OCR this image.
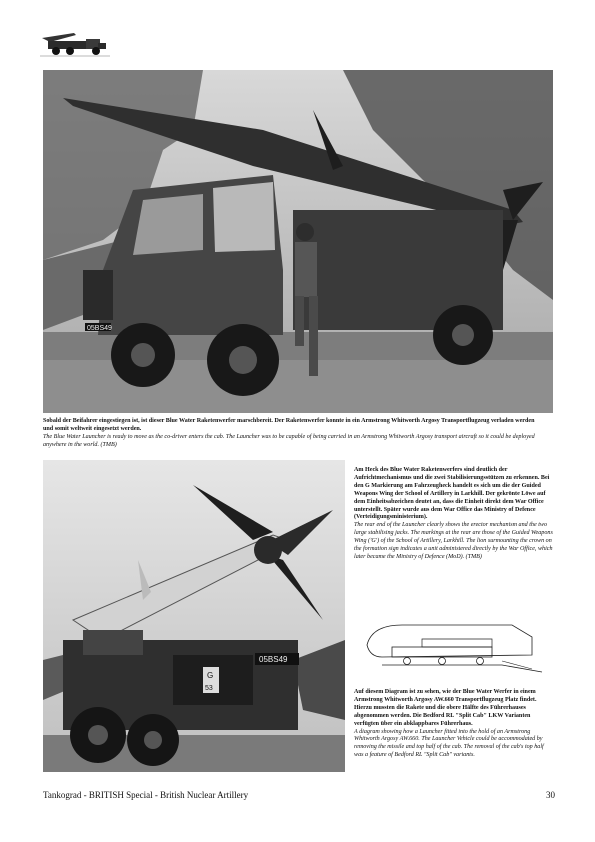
05BS49

Sobald der Beifahrer eingestiegen ist, ist dieser Blue Water Raketenwerfer marschbereit. Der Raketenwerfer konnte in ein Armstrong Whitworth Argosy Transportflugzeug verladen werden und somit weltweit eingesetzt werden.
The Blue Water Launcher is ready to move as the co-driver enters the cab. The Launcher was to be capable of being carried in an Armstrong Whitworth Argosy transport aircraft so it could be deployed anywhere in the world. (TMB)

05BS49
G
53

Am Heck des Blue Water Raketenwerfers sind deutlich der Aufrichtmechanismus und die zwei Stabilisierungsstützen zu erkennen. Bei den G Markierung am Fahrzeugheck handelt es sich um die der Guided Weapons Wing der School of Artillery in Larkhill. Der gekrönte Löwe auf dem Einheitsabzeichen deutet an, dass die Einheit direkt dem War Office unterstellt. Später wurde aus dem War Office das Ministry of Defence (Verteidigungsministerium).
The rear end of the Launcher clearly shows the erector mechanism and the two large stabilising jacks. The markings at the rear are those of the Guided Weapons Wing ('G') of the School of Artillery, Larkhill. The lion surmounting the crown on the formation sign indicates a unit administered directly by the War Office, which later became the Ministry of Defence (MoD). (TMB)

Auf diesem Diagram ist zu sehen, wie der Blue Water Werfer in einem Armstrong Whitworth Argosy AW.660 Transportflugzeug Platz findet. Hierzu mussten die Rakete und die obere Hälfte des Führerhauses abgenommen werden. Die Bedford RL "Split Cab" LKW Varianten verfügten über ein abklappbares Führerhaus.
A diagram showing how a Launcher fitted into the hold of an Armstrong Whitworth Argosy AW.660. The Launcher Vehicle could be accommodated by removing the missile and top half of the cab. The removal of the cab's top half was a feature of Bedford RL "Split Cab" variants.

Tankograd - BRITISH Special - British Nuclear Artillery	30
